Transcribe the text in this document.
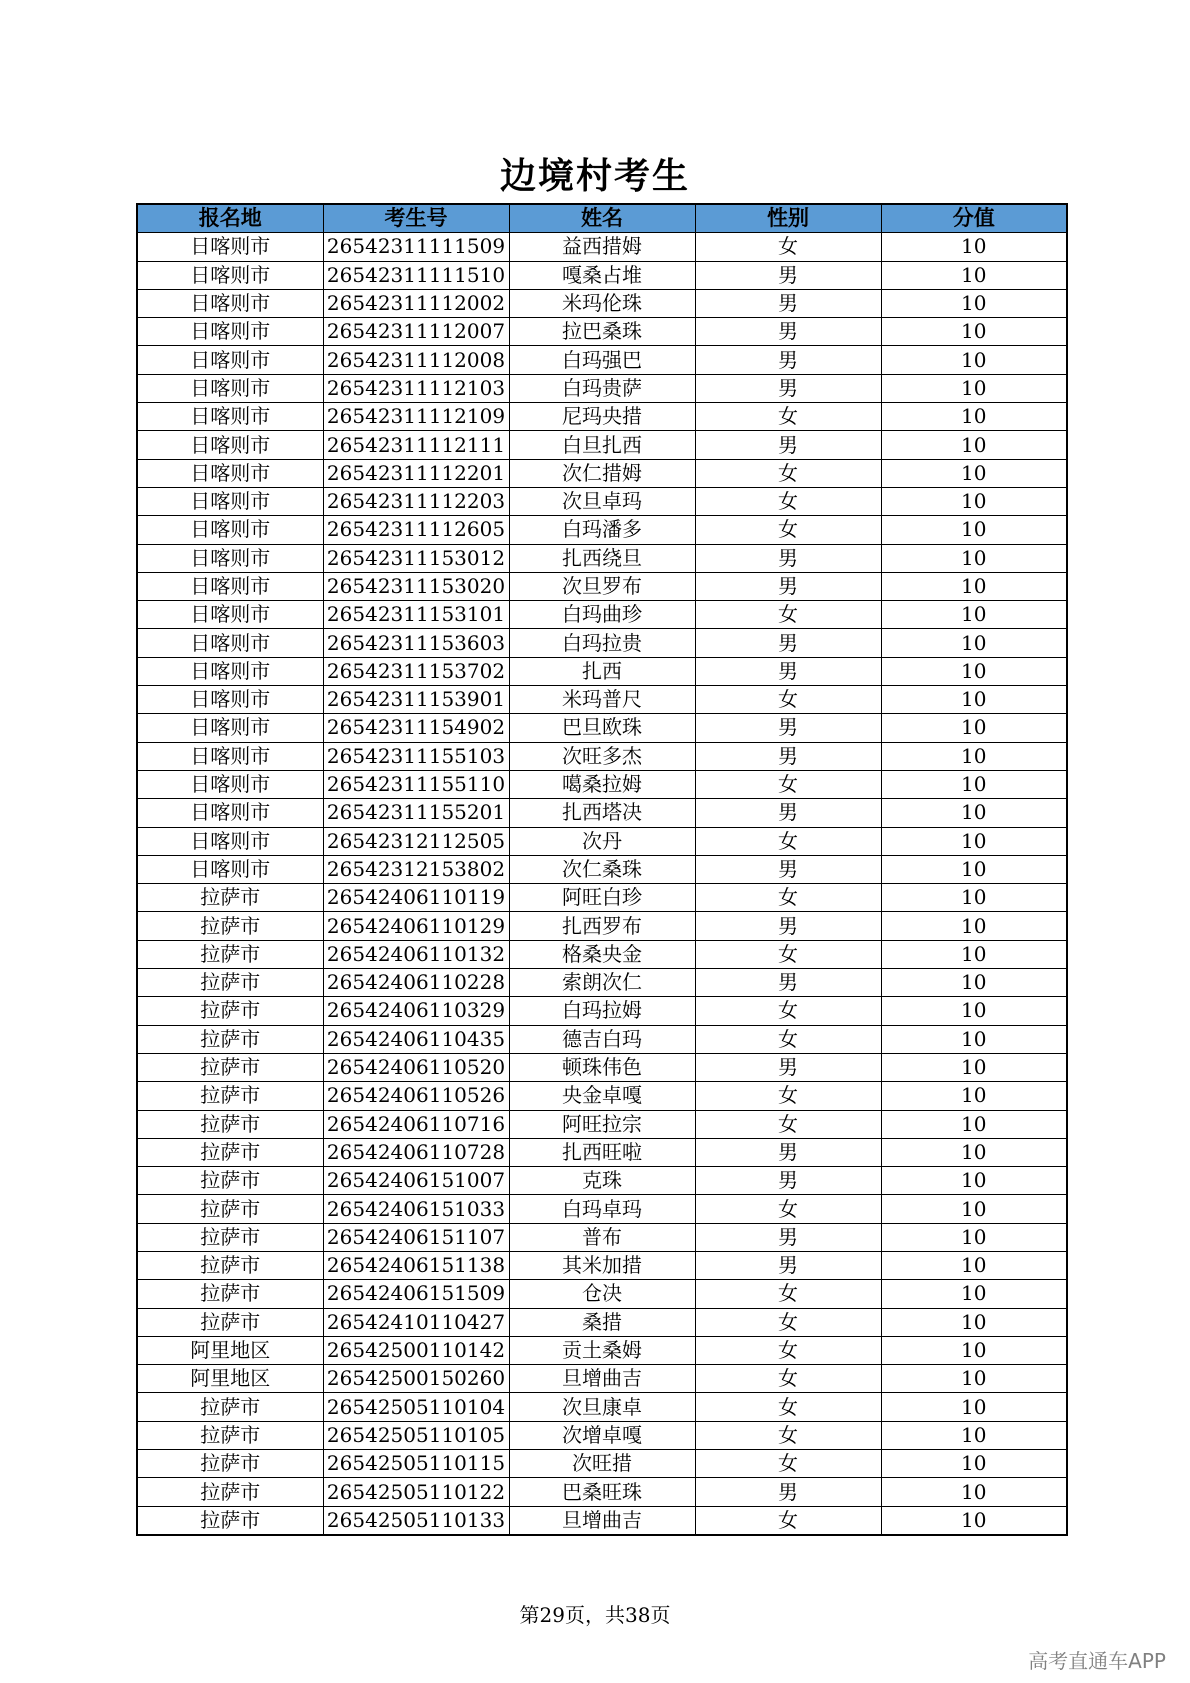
边境村考生
报名地	考生号	姓名	性别	分值
日喀则市	26542311111509	益西措姆	女	10
日喀则市	26542311111510	嘎桑占堆	男	10
日喀则市	26542311112002	米玛伦珠	男	10
日喀则市	26542311112007	拉巴桑珠	男	10
日喀则市	26542311112008	白玛强巴	男	10
日喀则市	26542311112103	白玛贵萨	男	10
日喀则市	26542311112109	尼玛央措	女	10
日喀则市	26542311112111	白旦扎西	男	10
日喀则市	26542311112201	次仁措姆	女	10
日喀则市	26542311112203	次旦卓玛	女	10
日喀则市	26542311112605	白玛潘多	女	10
日喀则市	26542311153012	扎西绕旦	男	10
日喀则市	26542311153020	次旦罗布	男	10
日喀则市	26542311153101	白玛曲珍	女	10
日喀则市	26542311153603	白玛拉贵	男	10
日喀则市	26542311153702	扎西	男	10
日喀则市	26542311153901	米玛普尺	女	10
日喀则市	26542311154902	巴旦欧珠	男	10
日喀则市	26542311155103	次旺多杰	男	10
日喀则市	26542311155110	噶桑拉姆	女	10
日喀则市	26542311155201	扎西塔决	男	10
日喀则市	26542312112505	次丹	女	10
日喀则市	26542312153802	次仁桑珠	男	10
拉萨市	26542406110119	阿旺白珍	女	10
拉萨市	26542406110129	扎西罗布	男	10
拉萨市	26542406110132	格桑央金	女	10
拉萨市	26542406110228	索朗次仁	男	10
拉萨市	26542406110329	白玛拉姆	女	10
拉萨市	26542406110435	德吉白玛	女	10
拉萨市	26542406110520	顿珠伟色	男	10
拉萨市	26542406110526	央金卓嘎	女	10
拉萨市	26542406110716	阿旺拉宗	女	10
拉萨市	26542406110728	扎西旺啦	男	10
拉萨市	26542406151007	克珠	男	10
拉萨市	26542406151033	白玛卓玛	女	10
拉萨市	26542406151107	普布	男	10
拉萨市	26542406151138	其米加措	男	10
拉萨市	26542406151509	仓决	女	10
拉萨市	26542410110427	桑措	女	10
阿里地区	26542500110142	贡土桑姆	女	10
阿里地区	26542500150260	旦增曲吉	女	10
拉萨市	26542505110104	次旦康卓	女	10
拉萨市	26542505110105	次增卓嘎	女	10
拉萨市	26542505110115	次旺措	女	10
拉萨市	26542505110122	巴桑旺珠	男	10
拉萨市	26542505110133	旦增曲吉	女	10
第29页，共38页
高考直通车APP
